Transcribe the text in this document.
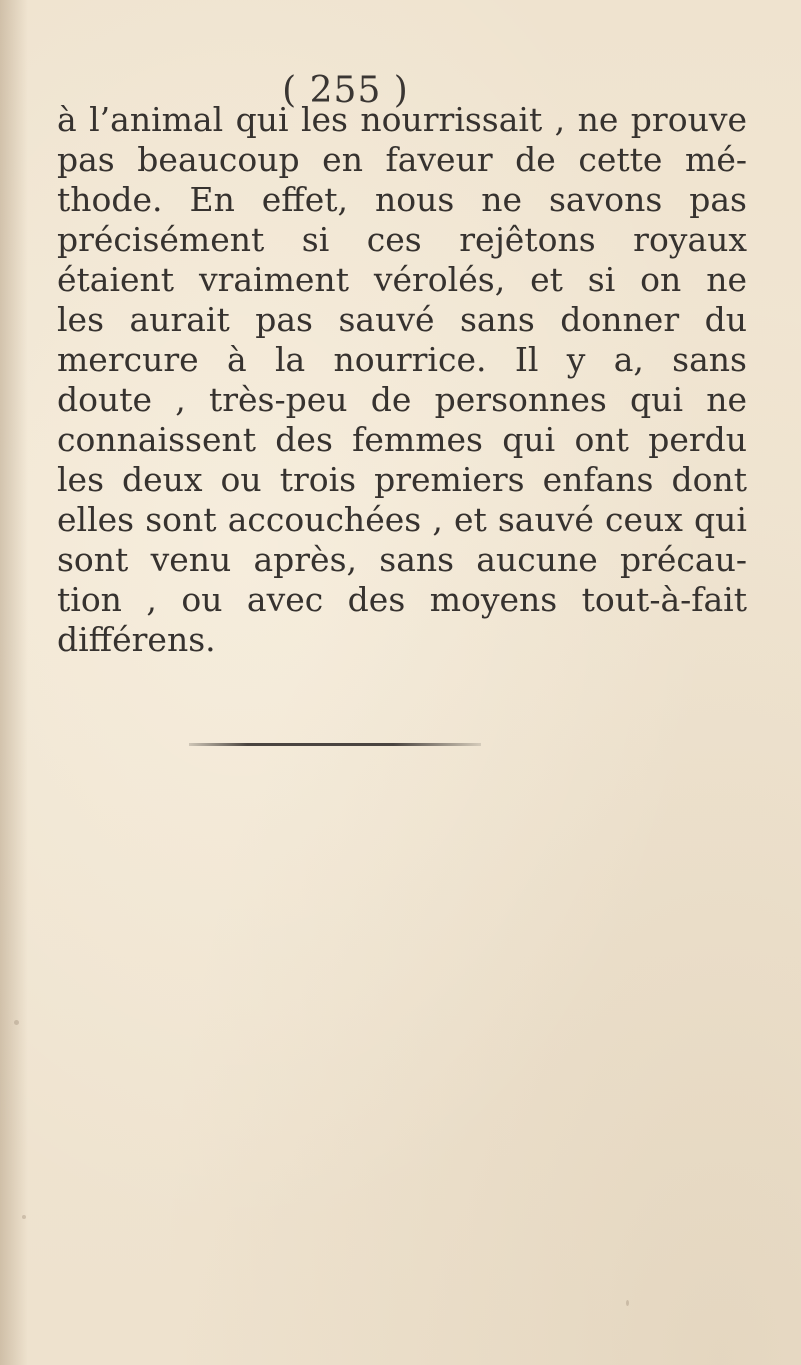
( 255 )
à l’animal qui les nourrissait , ne prouve
pas beaucoup en faveur de cette mé-
thode. En effet, nous ne savons pas
précisément si ces rejêtons royaux
étaient vraiment vérolés, et si on ne
les aurait pas sauvé sans donner du
mercure à la nourrice. Il y a, sans
doute , très-peu de personnes qui ne
connaissent des femmes qui ont perdu
les deux ou trois premiers enfans dont
elles sont accouchées , et sauvé ceux qui
sont venu après, sans aucune précau-
tion , ou avec des moyens tout-à-fait
différens.
